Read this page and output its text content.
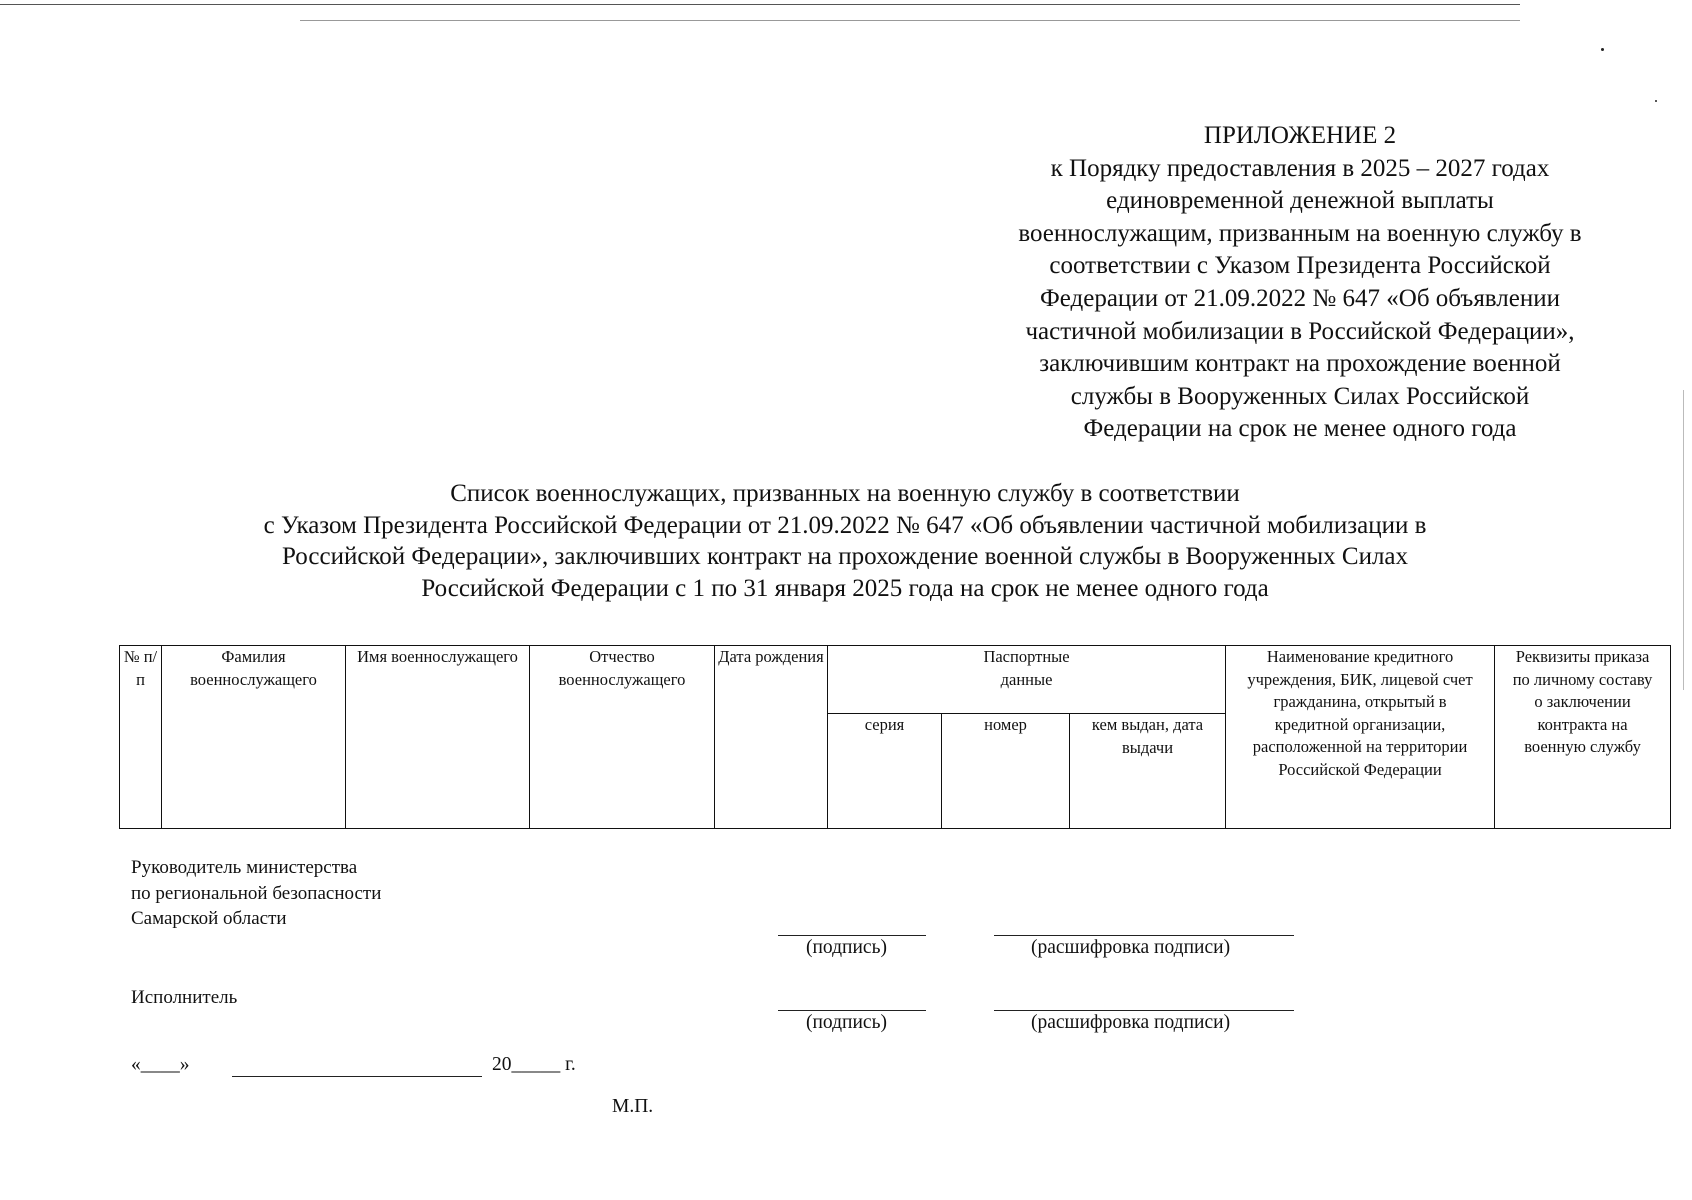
ПРИЛОЖЕНИЕ 2
к Порядку предоставления в 2025 – 2027 годах
единовременной денежной выплаты
военнослужащим, призванным на военную службу в
соответствии с Указом Президента Российской
Федерации от 21.09.2022 № 647 «Об объявлении
частичной мобилизации в Российской Федерации»,
заключившим контракт на прохождение военной
службы в Вооруженных Силах Российской
Федерации на срок не менее одного года
Список военнослужащих, призванных на военную службу в соответствии
с Указом Президента Российской Федерации от 21.09.2022 № 647 «Об объявлении частичной мобилизации в
Российской Федерации», заключивших контракт на прохождение военной службы в Вооруженных Силах
Российской Федерации с 1 по 31 января 2025 года на срок не менее одного года
№ п/п	Фамилия военнослужащего	Имя военнослужащего	Отчество военнослужащего	Дата рождения	Паспортные данные			Наименование кредитного учреждения, БИК, лицевой счет гражданина, открытый в кредитной организации, расположенной на территории Российской Федерации	Реквизиты приказа по личному составу о заключении контракта на военную службу
					серия	номер	кем выдан, дата выдачи		
Руководитель министерства
по региональной безопасности
Самарской области
(подпись)	(расшифровка подписи)
Исполнитель
(подпись)	(расшифровка подписи)
«____»	20_____ г.
М.П.
